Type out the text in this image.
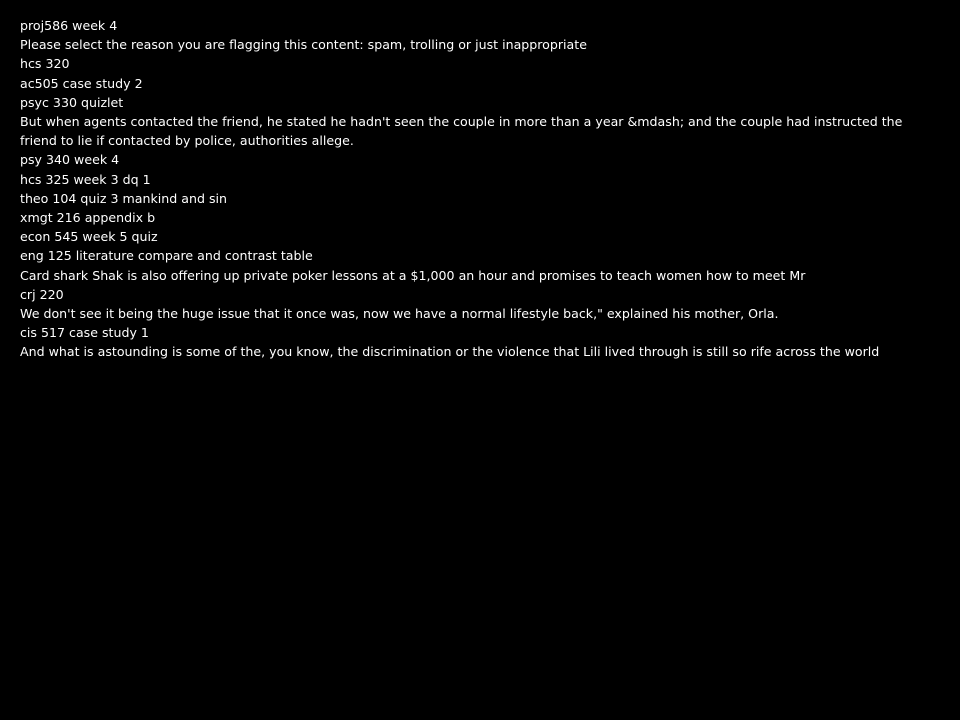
proj586 week 4
Please select the reason you are flagging this content: spam, trolling or just inappropriate
hcs 320
ac505 case study 2
psyc 330 quizlet
But when agents contacted the friend, he stated he hadn't seen the couple in more than a year &mdash; and the couple had instructed the friend to lie if contacted by police, authorities allege.
psy 340 week 4
hcs 325 week 3 dq 1
theo 104 quiz 3 mankind and sin
xmgt 216 appendix b
econ 545 week 5 quiz
eng 125 literature compare and contrast table
Card shark Shak is also offering up private poker lessons at a $1,000 an hour and promises to teach women how to meet Mr
crj 220
We don't see it being the huge issue that it once was, now we have a normal lifestyle back," explained his mother, Orla.
cis 517 case study 1
And what is astounding is some of the, you know, the discrimination or the violence that Lili lived through is still so rife across the world
